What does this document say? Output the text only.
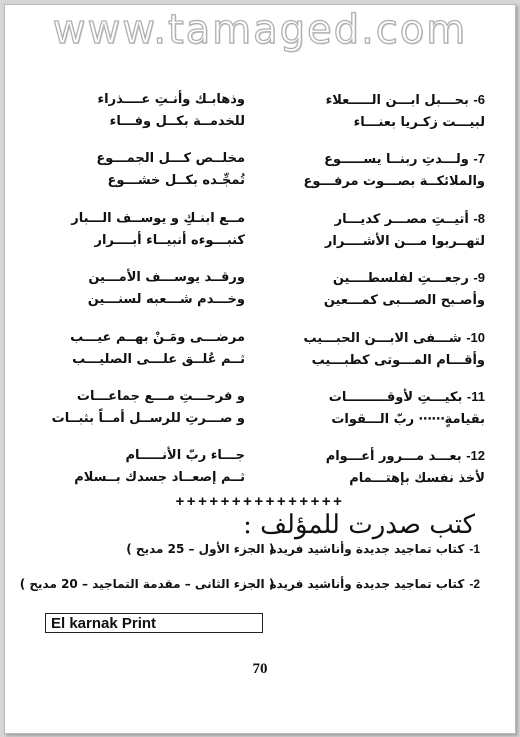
www.tamaged.com
6- بحـــبل ابـــن الـــــعلاء
لبيـــت زكـريا بعنـــاء
وذهابـك وأنـتِ عــــذراء
للخدمــة بكــل وفـــاء
7- ولـــدتِ ربنــا يســـــوع
والملائكــة بصـــوت مرفـــوع
مخلــص كـــل الجمـــوع
تُمجِّـده بكــل خشـــوع
8- أتيــتِ مصـــر كديـــار
لتهــربوا مـــن الأشــــرار
مــع ابنـكِ و يوســف الـــبار
كنبـــوءه أنبيــاء أبــــرار
9- رجعـــتِ لفلسطــــين
وأصـبح الصـــبى كمـــعين
ورقــد يوســـف الأمـــين
وخـــدم شـــعبه لسنـــين
10- شـــفى الابـــن الحبـــيب
وأقـــام المـــوتى كطبـــيب
مرضـــى ومَـنْ بهــم عيـــب
ثــم عُلــق علـــى الصليـــب
11- بكيـــتِ لأوقـــــــــات
بقيامةٍ⋯⋯ ربّ الـــقوات
و فرحـــتِ مـــع جماعـــات
و صـــرتِ للرســل أمــاً بثبــات
12- بعـــد مـــرور أعـــوام
لأخذ نفسك بإهتـــمام
جـــاء ربّ الأنـــــام
ثــم إصعــاد جسدك بــسلام
+++++++++++++++
كتب صدرت للمؤلف :
1-كتاب تماجيد جديدة وأناشيد فريدة( الجزء الأول – 25 مديح )
2-كتاب تماجيد جديدة وأناشيد فريدة( الجزء الثانى – مقدمة التماجيد – 20 مديح )
El karnak Print
70
